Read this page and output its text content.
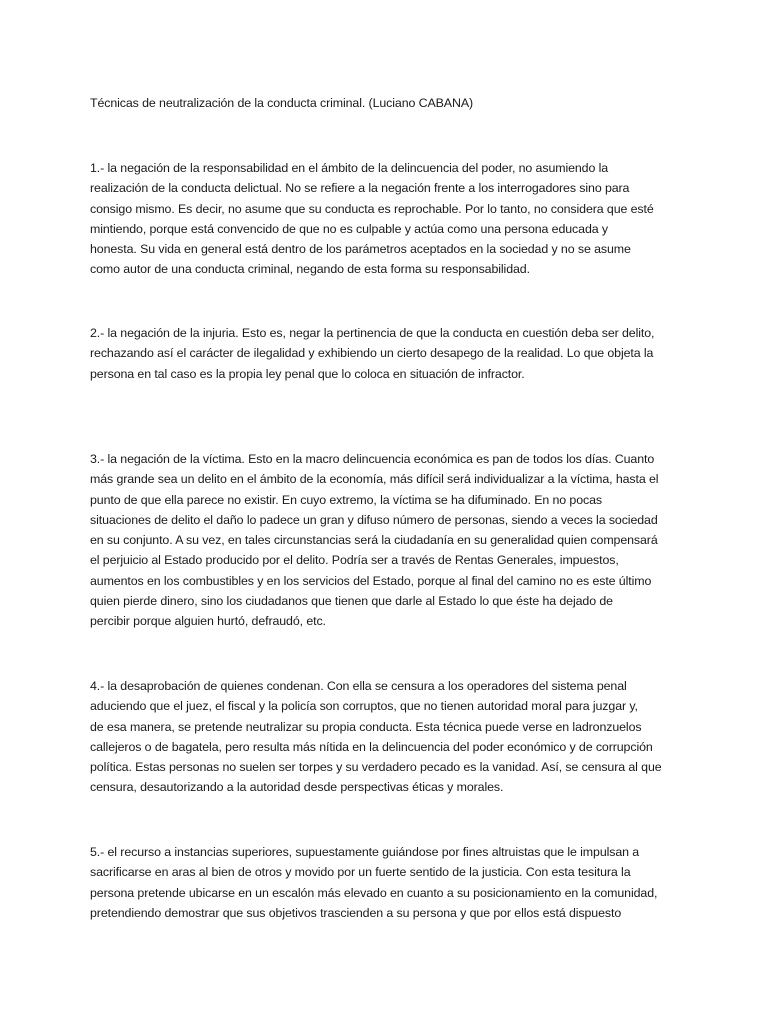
Técnicas de neutralización de la conducta criminal. (Luciano CABANA)

1.- la negación de la responsabilidad en el ámbito de la delincuencia del poder, no asumiendo la
realización de la conducta delictual. No se refiere a la negación frente a los interrogadores sino para
consigo mismo. Es decir, no asume que su conducta es reprochable. Por lo tanto, no considera que esté
mintiendo, porque está convencido de que no es culpable y actúa como una persona educada y
honesta. Su vida en general está dentro de los parámetros aceptados en la sociedad y no se asume
como autor de una conducta criminal, negando de esta forma su responsabilidad.

2.- la negación de la injuria. Esto es, negar la pertinencia de que la conducta en cuestión deba ser delito,
rechazando así el carácter de ilegalidad y exhibiendo un cierto desapego de la realidad. Lo que objeta la
persona en tal caso es la propia ley penal que lo coloca en situación de infractor.

3.- la negación de la víctima. Esto en la macro delincuencia económica es pan de todos los días. Cuanto
más grande sea un delito en el ámbito de la economía, más difícil será individualizar a la víctima, hasta el
punto de que ella parece no existir. En cuyo extremo, la víctima se ha difuminado. En no pocas
situaciones de delito el daño lo padece un gran y difuso número de personas, siendo a veces la sociedad
en su conjunto. A su vez, en tales circunstancias será la ciudadanía en su generalidad quien compensará
el perjuicio al Estado producido por el delito. Podría ser a través de Rentas Generales, impuestos,
aumentos en los combustibles y en los servicios del Estado, porque al final del camino no es este último
quien pierde dinero, sino los ciudadanos que tienen que darle al Estado lo que éste ha dejado de
percibir porque alguien hurtó, defraudó, etc.

4.- la desaprobación de quienes condenan. Con ella se censura a los operadores del sistema penal
aduciendo que el juez, el fiscal y la policía son corruptos, que no tienen autoridad moral para juzgar y,
de esa manera, se pretende neutralizar su propia conducta. Esta técnica puede verse en ladronzuelos
callejeros o de bagatela, pero resulta más nítida en la delincuencia del poder económico y de corrupción
política. Estas personas no suelen ser torpes y su verdadero pecado es la vanidad. Así, se censura al que
censura, desautorizando a la autoridad desde perspectivas éticas y morales.

5.- el recurso a instancias superiores, supuestamente guiándose por fines altruistas que le impulsan a
sacrificarse en aras al bien de otros y movido por un fuerte sentido de la justicia. Con esta tesitura la
persona pretende ubicarse en un escalón más elevado en cuanto a su posicionamiento en la comunidad,
pretendiendo demostrar que sus objetivos trascienden a su persona y que por ellos está dispuesto
